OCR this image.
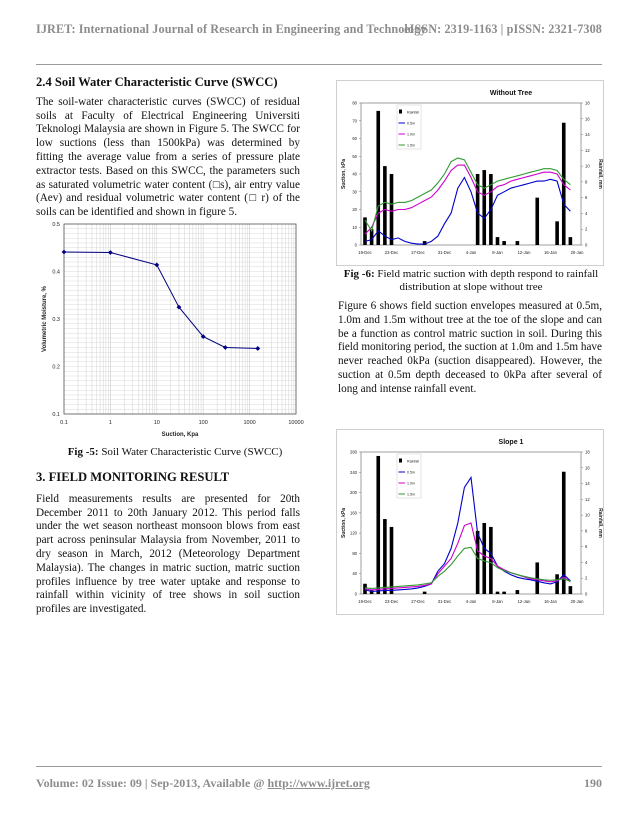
IJRET: International Journal of Research in Engineering and Technology
eISSN: 2319-1163 | pISSN: 2321-7308
2.4 Soil Water Characteristic Curve (SWCC)

The soil-water characteristic curves (SWCC) of residual soils at Faculty of Electrical Engineering Universiti Teknologi Malaysia are shown in Figure 5. The SWCC for low suctions (less than 1500kPa) was determined by fitting the average value from a series of pressure plate extractor tests. Based on this SWCC, the parameters such as saturated volumetric water content (□s), air entry value (Aev) and residual volumetric water content (□ r) of the soils can be identified and shown in figure 5.

0.1	1	10	100	1000	10000
0.1
0.2
0.3
0.4
0.5
Suction, Kpa
Volumetric Moisture, %
Fig -5: Soil Water Characteristic Curve (SWCC)
3. FIELD MONITORING RESULT

Field measurements results are presented for 20th December 2011 to 20th January 2012. This period falls under the wet season northeast monsoon blows from east part across peninsular Malaysia from November, 2011 to dry season in March, 2012 (Meteorology Department Malaysia). The changes in matric suction, matric suction profiles influence by tree water uptake and response to rainfall within vicinity of tree shows in soil suction profiles are investigated.

Without Tree
0
10
20
30
40
50
60
70
80
0
2
4
6
8
10
12
14
16
18
19-Dec	23-Dec	27-Dec	31-Dec	4-Jan	8-Jan	12-Jan	16-Jan	20-Jan
Suction, kPa	Rainfall, mm
Rainfall
0.5m
1.0m
1.5m
Fig -6: Field matric suction with depth respond to rainfall distribution at slope without tree

Figure 6 shows field suction envelopes measured at 0.5m, 1.0m and 1.5m without tree at the toe of the slope and can be a function as control matric suction in soil. During this field monitoring period, the suction at 1.0m and 1.5m have never reached 0kPa (suction disappeared). However, the suction at 0.5m depth deceased to 0kPa after several of long and intense rainfall event.

Slope 1
0
40
80
120
160
200
240
280
0
2
4
6
8
10
12
14
16
18
19-Dec	23-Dec	27-Dec	31-Dec	4-Jan	8-Jan	12-Jan	16-Jan	20-Jan
Suction, kPa	Rainfall, mm
Rainfall
0.5m
1.0m
1.5m
Volume: 02 Issue: 09 | Sep-2013, Available @ http://www.ijret.org	190
